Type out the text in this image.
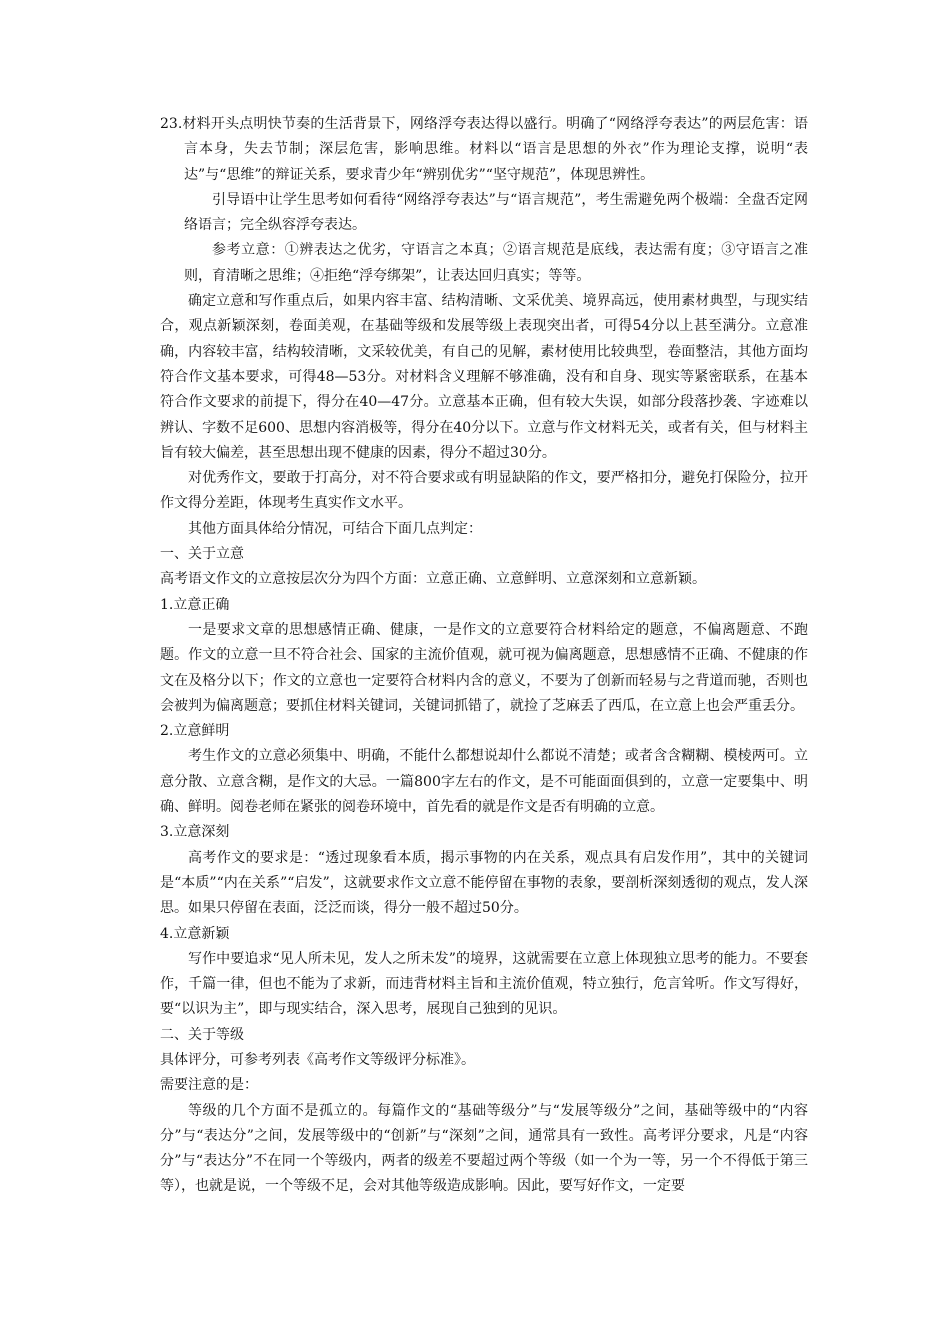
23.材料开头点明快节奏的生活背景下，网络浮夸表达得以盛行。明确了“网络浮夸表达”的两层危害：语言本身，失去节制；深层危害，影响思维。材料以“语言是思想的外衣”作为理论支撑，说明“表达”与“思维”的辩证关系，要求青少年“辨别优劣”“坚守规范”，体现思辨性。

引导语中让学生思考如何看待“网络浮夸表达”与“语言规范”，考生需避免两个极端：全盘否定网络语言；完全纵容浮夸表达。

参考立意：①辨表达之优劣，守语言之本真；②语言规范是底线，表达需有度；③守语言之准则，育清晰之思维；④拒绝“浮夸绑架”，让表达回归真实；等等。

确定立意和写作重点后，如果内容丰富、结构清晰、文采优美、境界高远，使用素材典型，与现实结合，观点新颖深刻，卷面美观，在基础等级和发展等级上表现突出者，可得54分以上甚至满分。立意准确，内容较丰富，结构较清晰，文采较优美，有自己的见解，素材使用比较典型，卷面整洁，其他方面均符合作文基本要求，可得48—53分。对材料含义理解不够准确，没有和自身、现实等紧密联系，在基本符合作文要求的前提下，得分在40—47分。立意基本正确，但有较大失误，如部分段落抄袭、字迹难以辨认、字数不足600、思想内容消极等，得分在40分以下。立意与作文材料无关，或者有关，但与材料主旨有较大偏差，甚至思想出现不健康的因素，得分不超过30分。

对优秀作文，要敢于打高分，对不符合要求或有明显缺陷的作文，要严格扣分，避免打保险分，拉开作文得分差距，体现考生真实作文水平。

其他方面具体给分情况，可结合下面几点判定：

一、关于立意

高考语文作文的立意按层次分为四个方面：立意正确、立意鲜明、立意深刻和立意新颖。

1.立意正确

一是要求文章的思想感情正确、健康，一是作文的立意要符合材料给定的题意，不偏离题意、不跑题。作文的立意一旦不符合社会、国家的主流价值观，就可视为偏离题意，思想感情不正确、不健康的作文在及格分以下；作文的立意也一定要符合材料内含的意义，不要为了创新而轻易与之背道而驰，否则也会被判为偏离题意；要抓住材料关键词，关键词抓错了，就捡了芝麻丢了西瓜，在立意上也会严重丢分。

2.立意鲜明

考生作文的立意必须集中、明确，不能什么都想说却什么都说不清楚；或者含含糊糊、模棱两可。立意分散、立意含糊，是作文的大忌。一篇800字左右的作文，是不可能面面俱到的，立意一定要集中、明确、鲜明。阅卷老师在紧张的阅卷环境中，首先看的就是作文是否有明确的立意。

3.立意深刻

高考作文的要求是：“透过现象看本质，揭示事物的内在关系，观点具有启发作用”，其中的关键词是“本质”“内在关系”“启发”，这就要求作文立意不能停留在事物的表象，要剖析深刻透彻的观点，发人深思。如果只停留在表面，泛泛而谈，得分一般不超过50分。

4.立意新颖

写作中要追求“见人所未见，发人之所未发”的境界，这就需要在立意上体现独立思考的能力。不要套作，千篇一律，但也不能为了求新，而违背材料主旨和主流价值观，特立独行，危言耸听。作文写得好，要“以识为主”，即与现实结合，深入思考，展现自己独到的见识。

二、关于等级

具体评分，可参考列表《高考作文等级评分标准》。

需要注意的是：

等级的几个方面不是孤立的。每篇作文的“基础等级分”与“发展等级分”之间，基础等级中的“内容分”与“表达分”之间，发展等级中的“创新”与“深刻”之间，通常具有一致性。高考评分要求，凡是“内容分”与“表达分”不在同一个等级内，两者的级差不要超过两个等级（如一个为一等，另一个不得低于第三等），也就是说，一个等级不足，会对其他等级造成影响。因此，要写好作文，一定要
